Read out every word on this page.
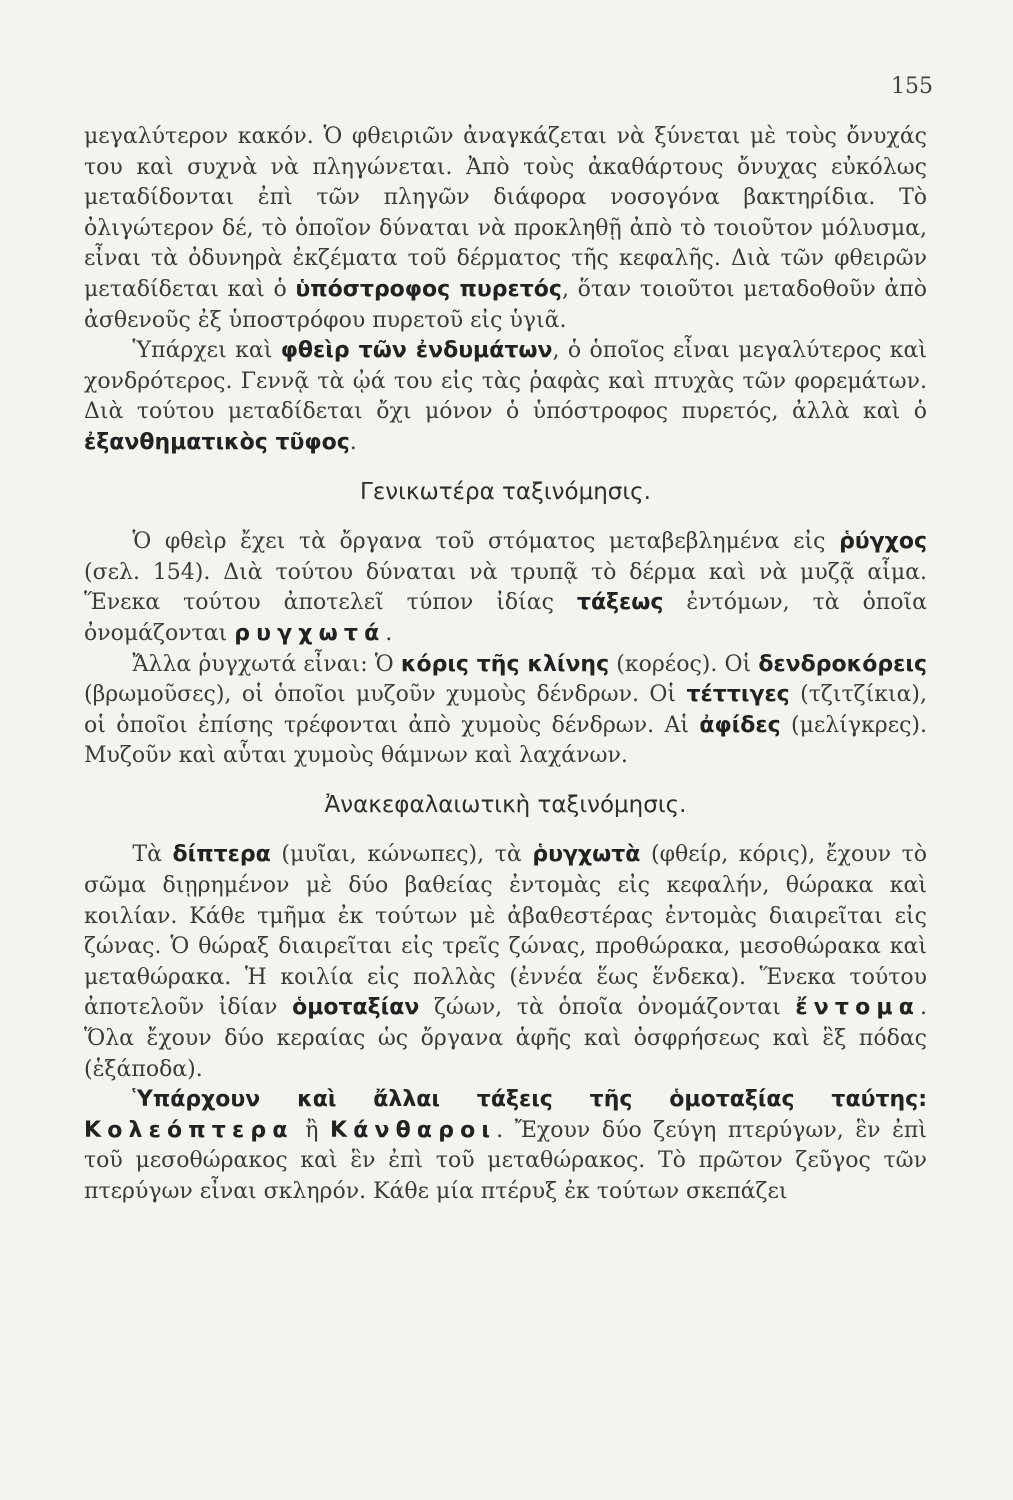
155

μεγαλύτερον κακόν. Ὁ φθειριῶν ἀναγκάζεται νὰ ξύνεται μὲ τοὺς ὄνυχάς του καὶ συχνὰ νὰ πληγώνεται. Ἀπὸ τοὺς ἀκαθάρτους ὄνυχας εὐκόλως μεταδίδονται ἐπὶ τῶν πληγῶν διάφορα νοσογόνα βακτηρίδια. Τὸ ὀλιγώτερον δέ, τὸ ὁποῖον δύναται νὰ προκληθῇ ἀπὸ τὸ τοιοῦτον μόλυσμα, εἶναι τὰ ὀδυνηρὰ ἐκζέματα τοῦ δέρματος τῆς κεφαλῆς. Διὰ τῶν φθειρῶν μεταδίδεται καὶ ὁ ὑπόστροφος πυρετός, ὅταν τοιοῦτοι μεταδοθοῦν ἀπὸ ἀσθενοῦς ἐξ ὑποστρόφου πυρετοῦ εἰς ὑγιᾶ.

Ὑπάρχει καὶ φθεὶρ τῶν ἐνδυμάτων, ὁ ὁποῖος εἶναι μεγαλύτερος καὶ χονδρότερος. Γεννᾷ τὰ ᾠά του εἰς τὰς ῥαφὰς καὶ πτυχὰς τῶν φορεμάτων. Διὰ τούτου μεταδίδεται ὄχι μόνον ὁ ὑπόστροφος πυρετός, ἀλλὰ καὶ ὁ ἐξανθηματικὸς τῦφος.

Γενικωτέρα ταξινόμησις.

Ὁ φθεὶρ ἔχει τὰ ὄργανα τοῦ στόματος μεταβεβλημένα εἰς ῥύγχος (σελ. 154). Διὰ τούτου δύναται νὰ τρυπᾷ τὸ δέρμα καὶ νὰ μυζᾷ αἷμα. Ἕνεκα τούτου ἀποτελεῖ τύπον ἰδίας τάξεως ἐντόμων, τὰ ὁποῖα ὀνομάζονται ρυγχωτά.

Ἄλλα ῥυγχωτά εἶναι: Ὁ κόρις τῆς κλίνης (κορέος). Οἱ δενδροκόρεις (βρωμοῦσες), οἱ ὁποῖοι μυζοῦν χυμοὺς δένδρων. Οἱ τέττιγες (τζιτζίκια), οἱ ὁποῖοι ἐπίσης τρέφονται ἀπὸ χυμοὺς δένδρων. Αἱ ἀφίδες (μελίγκρες). Μυζοῦν καὶ αὗται χυμοὺς θάμνων καὶ λαχάνων.

Ἀνακεφαλαιωτικὴ ταξινόμησις.

Τὰ δίπτερα (μυῖαι, κώνωπες), τὰ ῥυγχωτὰ (φθείρ, κόρις), ἔχουν τὸ σῶμα διῃρημένον μὲ δύο βαθείας ἐντομὰς εἰς κεφαλήν, θώρακα καὶ κοιλίαν. Κάθε τμῆμα ἐκ τούτων μὲ ἀβαθεστέρας ἐντομὰς διαιρεῖται εἰς ζώνας. Ὁ θώραξ διαιρεῖται εἰς τρεῖς ζώνας, προθώρακα, μεσοθώρακα καὶ μεταθώρακα. Ἡ κοιλία εἰς πολλὰς (ἐννέα ἕως ἕνδεκα). Ἕνεκα τούτου ἀποτελοῦν ἰδίαν ὁμοταξίαν ζώων, τὰ ὁποῖα ὀνομάζονται ἔντομα. Ὅλα ἔχουν δύο κεραίας ὡς ὄργανα ἁφῆς καὶ ὀσφρήσεως καὶ ἓξ πόδας (ἑξάποδα).

Ὑπάρχουν καὶ ἄλλαι τάξεις τῆς ὁμοταξίας ταύτης: Κολεόπτερα ἢ Κάνθαροι. Ἔχουν δύο ζεύγη πτερύγων, ἓν ἐπὶ τοῦ μεσοθώρακος καὶ ἓν ἐπὶ τοῦ μεταθώρακος. Τὸ πρῶτον ζεῦγος τῶν πτερύγων εἶναι σκληρόν. Κάθε μία πτέρυξ ἐκ τούτων σκεπάζει
